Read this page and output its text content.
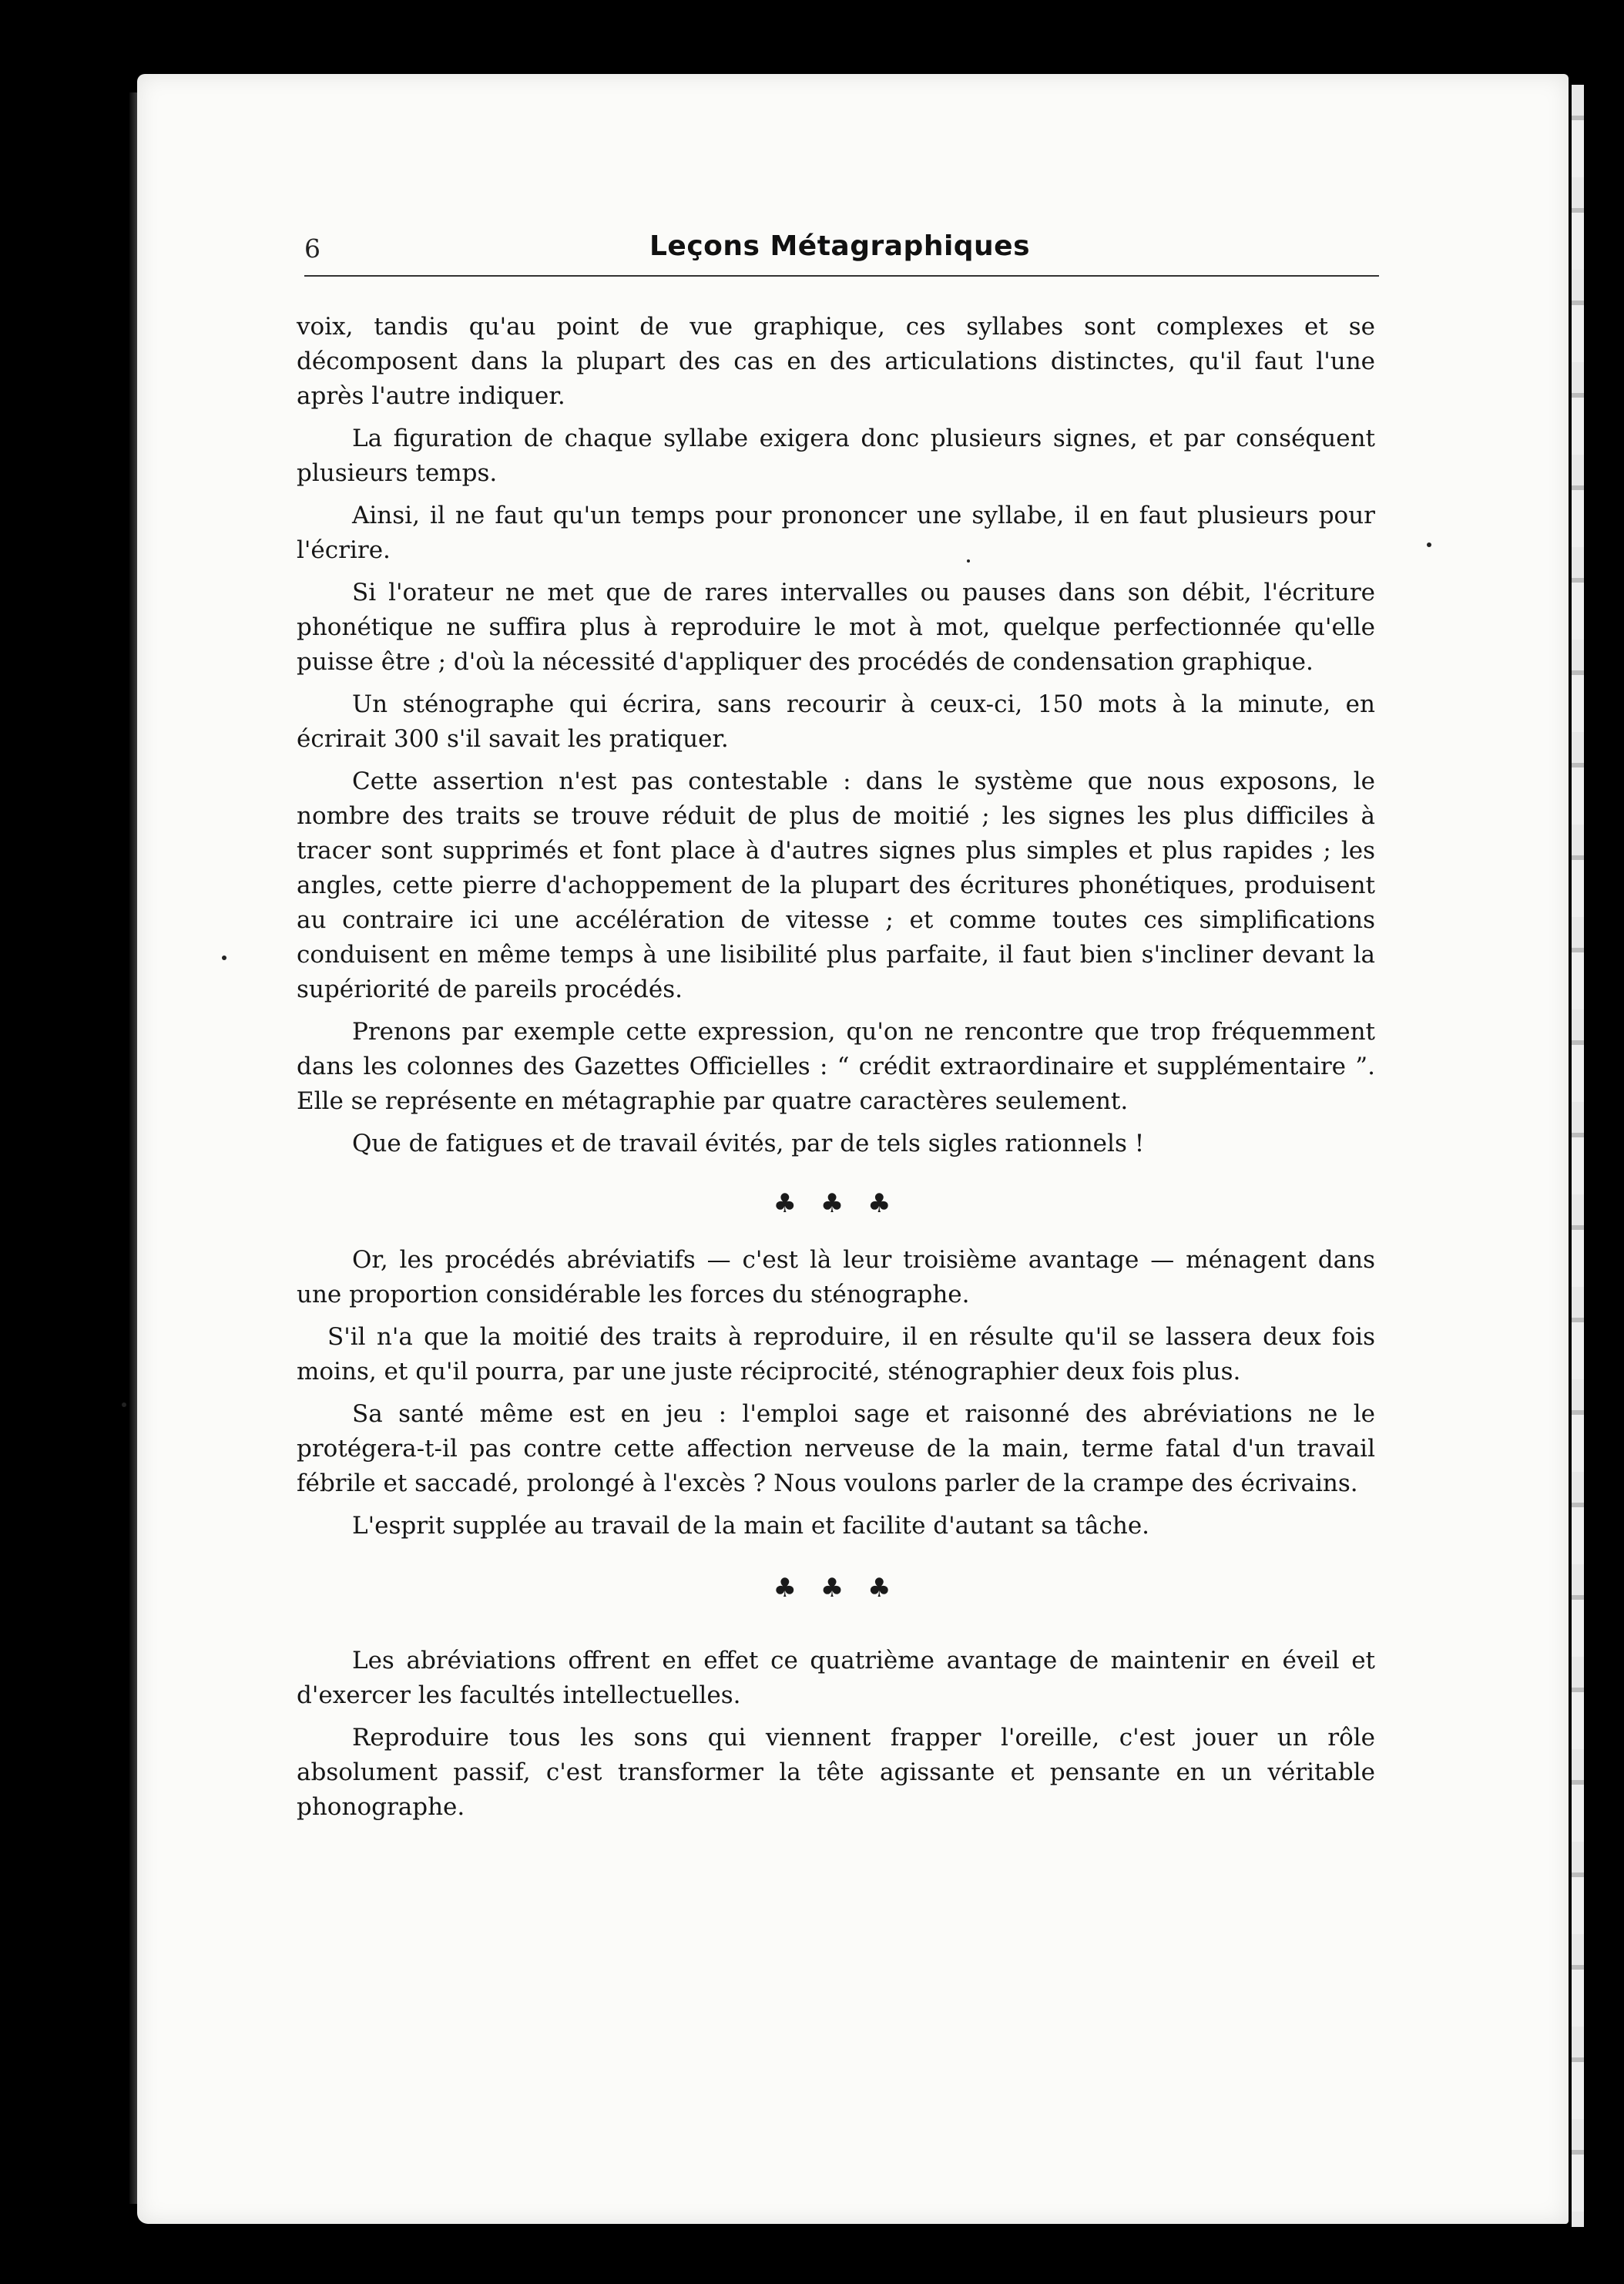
6	Leçons Métagraphiques

voix, tandis qu'au point de vue graphique, ces syllabes sont complexes et se décomposent dans la plupart des cas en des articulations distinctes, qu'il faut l'une après l'autre indiquer.

La figuration de chaque syllabe exigera donc plusieurs signes, et par conséquent plusieurs temps.

Ainsi, il ne faut qu'un temps pour prononcer une syllabe, il en faut plusieurs pour l'écrire.

Si l'orateur ne met que de rares intervalles ou pauses dans son débit, l'écriture phonétique ne suffira plus à reproduire le mot à mot, quelque perfectionnée qu'elle puisse être ; d'où la nécessité d'appliquer des procédés de condensation graphique.

Un sténographe qui écrira, sans recourir à ceux-ci, 150 mots à la minute, en écrirait 300 s'il savait les pratiquer.

Cette assertion n'est pas contestable : dans le système que nous exposons, le nombre des traits se trouve réduit de plus de moitié ; les signes les plus difficiles à tracer sont supprimés et font place à d'autres signes plus simples et plus rapides ; les angles, cette pierre d'achoppement de la plupart des écritures phonétiques, produisent au contraire ici une accélération de vitesse ; et comme toutes ces simplifications conduisent en même temps à une lisibilité plus parfaite, il faut bien s'incliner devant la supériorité de pareils procédés.

Prenons par exemple cette expression, qu'on ne rencontre que trop fréquemment dans les colonnes des Gazettes Officielles : “ crédit extraordinaire et supplémentaire ”. Elle se représente en métagraphie par quatre caractères seulement.

Que de fatigues et de travail évités, par de tels sigles rationnels !

♣ ♣ ♣

Or, les procédés abréviatifs — c'est là leur troisième avantage — ménagent dans une proportion considérable les forces du sténographe.

S'il n'a que la moitié des traits à reproduire, il en résulte qu'il se lassera deux fois moins, et qu'il pourra, par une juste réciprocité, sténographier deux fois plus.

Sa santé même est en jeu : l'emploi sage et raisonné des abréviations ne le protégera-t-il pas contre cette affection nerveuse de la main, terme fatal d'un travail fébrile et saccadé, prolongé à l'excès ? Nous voulons parler de la crampe des écrivains.

L'esprit supplée au travail de la main et facilite d'autant sa tâche.

♣ ♣ ♣

Les abréviations offrent en effet ce quatrième avantage de maintenir en éveil et d'exercer les facultés intellectuelles.

Reproduire tous les sons qui viennent frapper l'oreille, c'est jouer un rôle absolument passif, c'est transformer la tête agissante et pensante en un véritable phonographe.
